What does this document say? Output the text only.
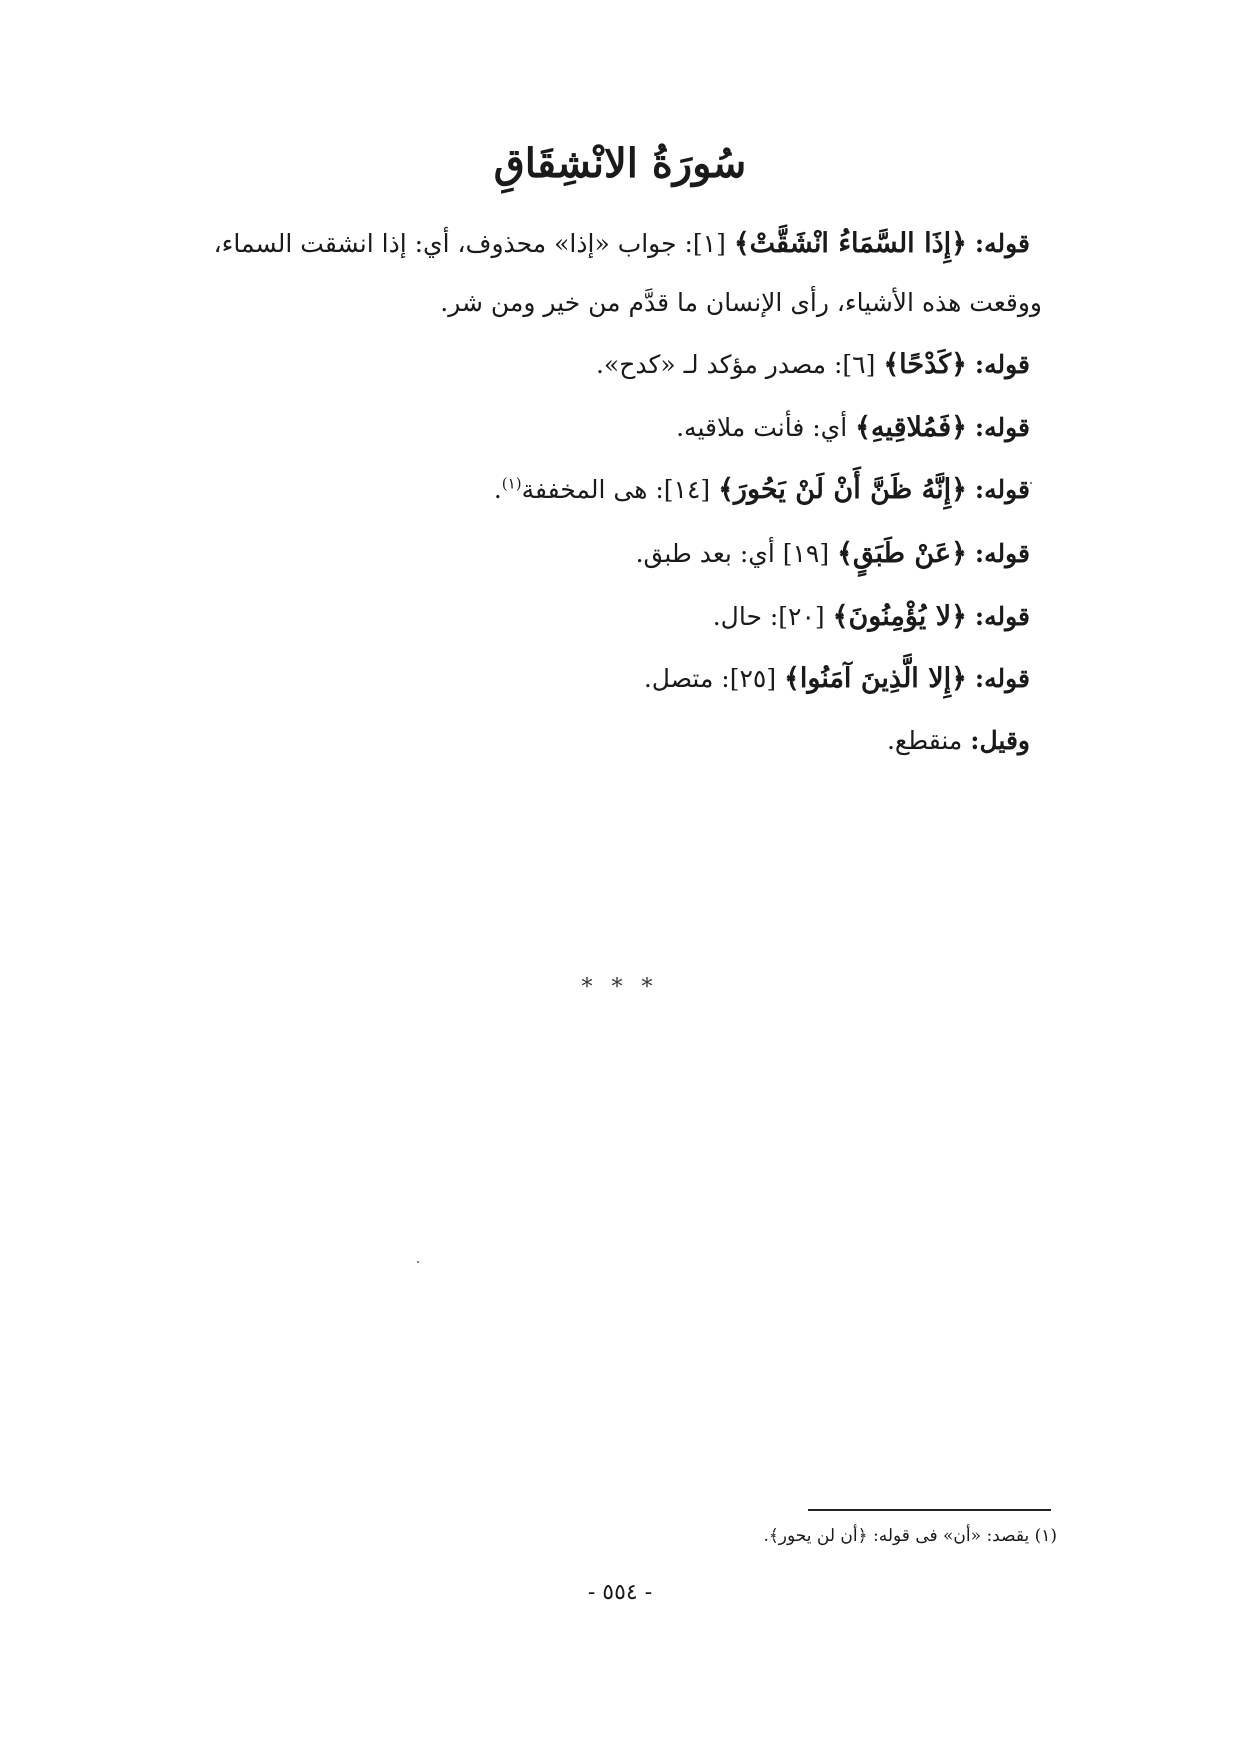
سُورَةُ الانْشِقَاقِ
قوله: ﴿إِذَا السَّمَاءُ انْشَقَّتْ﴾ [١]: جواب «إذا» محذوف، أي: إذا انشقت السماء،
ووقعت هذه الأشياء، رأى الإنسان ما قدَّم من خير ومن شر.
قوله: ﴿كَدْحًا﴾ [٦]: مصدر مؤكد لـ «كدح».
قوله: ﴿فَمُلاقِيهِ﴾ أي: فأنت ملاقيه.
قوله: ﴿إِنَّهُ ظَنَّ أَنْ لَنْ يَحُورَ﴾ [١٤]: هى المخففة$^{(١)}$.
قوله: ﴿عَنْ طَبَقٍ﴾ [١٩] أي: بعد طبق.
قوله: ﴿لا يُؤْمِنُونَ﴾ [٢٠]: حال.
قوله: ﴿إِلا الَّذِينَ آمَنُوا﴾ [٢٥]: متصل.
وقيل: منقطع.
* * *
(١) يقصد: «أن» فى قوله: ﴿أن لن يحور﴾.
- ٥٥٤ -
